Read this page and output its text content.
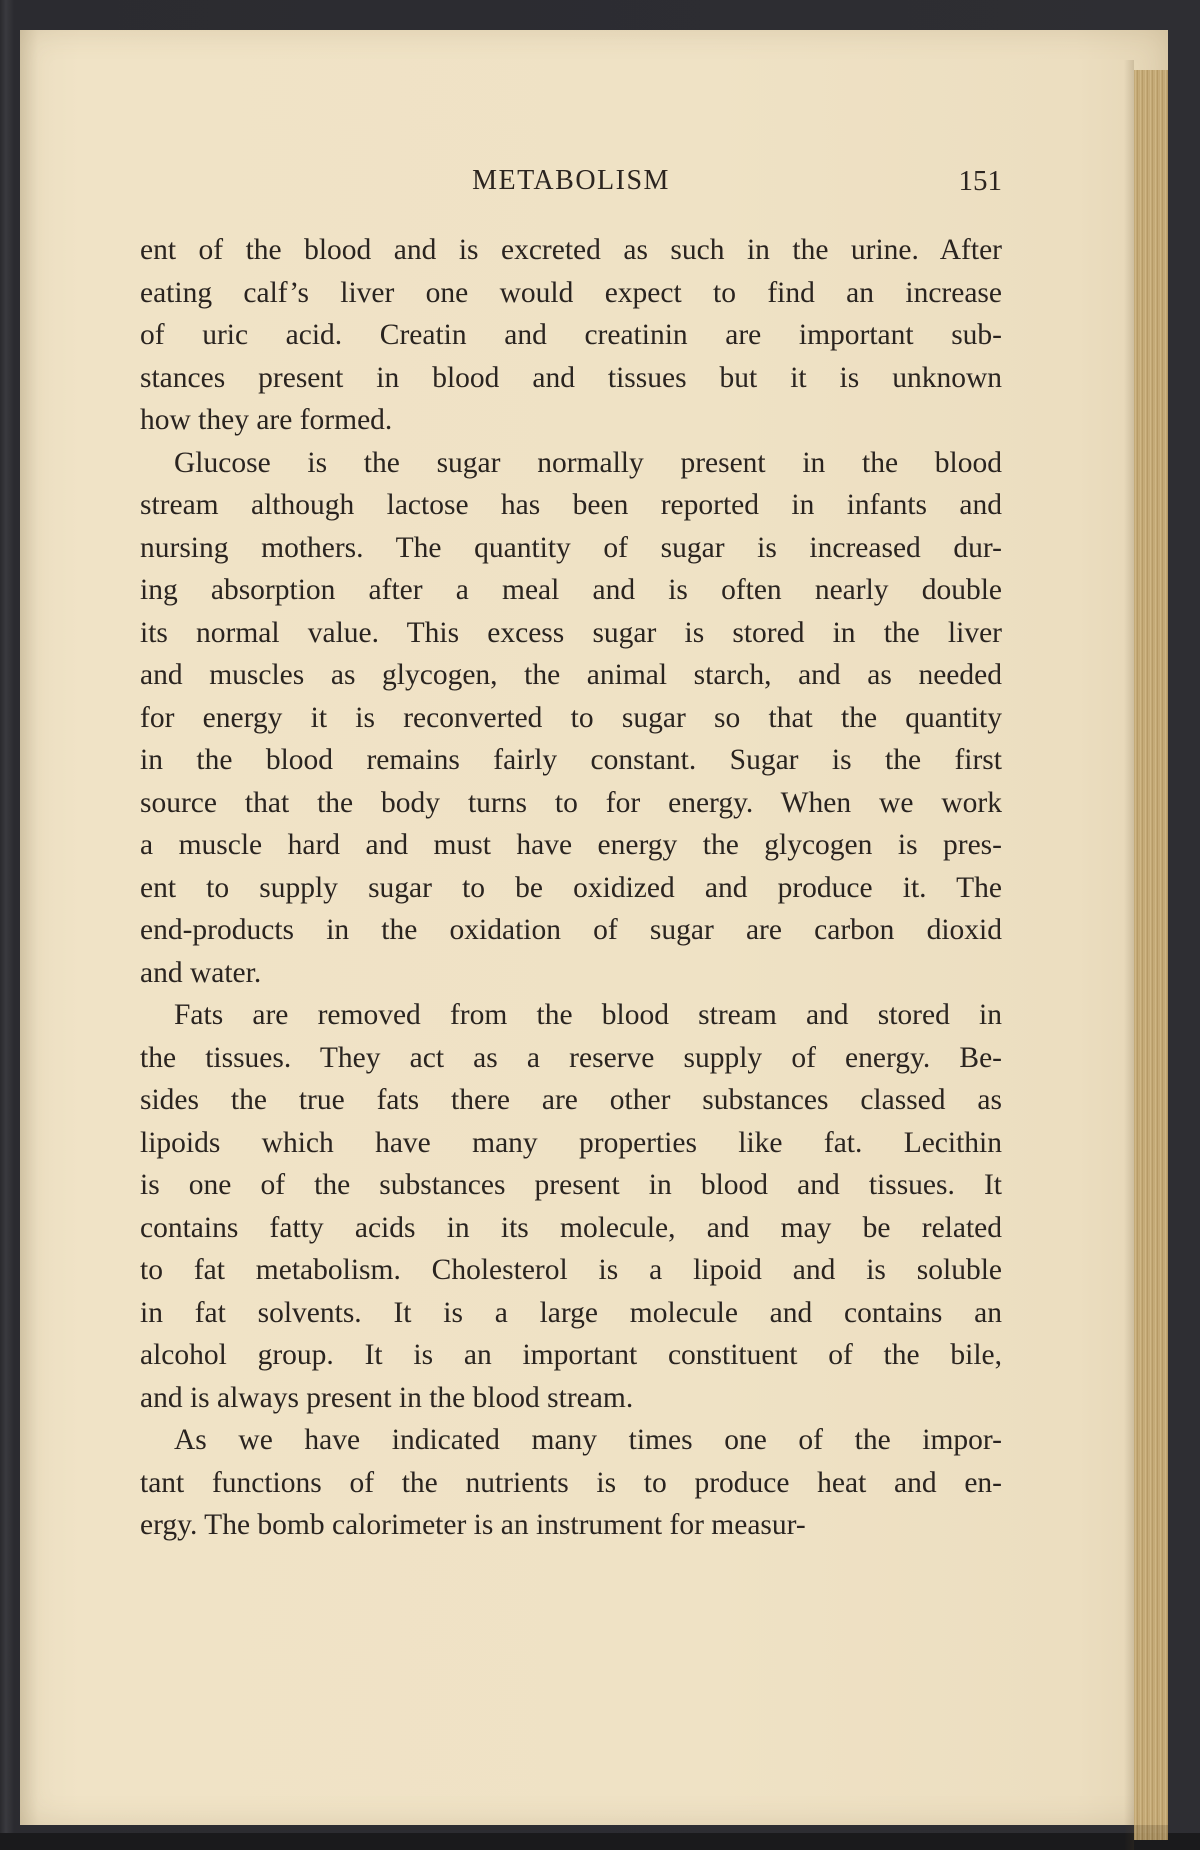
METABOLISM	151

ent of the blood and is excreted as such in the urine. After
eating calf’s liver one would expect to find an increase
of uric acid. Creatin and creatinin are important sub-
stances present in blood and tissues but it is unknown
how they are formed.

Glucose is the sugar normally present in the blood
stream although lactose has been reported in infants and
nursing mothers. The quantity of sugar is increased dur-
ing absorption after a meal and is often nearly double
its normal value. This excess sugar is stored in the liver
and muscles as glycogen, the animal starch, and as needed
for energy it is reconverted to sugar so that the quantity
in the blood remains fairly constant. Sugar is the first
source that the body turns to for energy. When we work
a muscle hard and must have energy the glycogen is pres-
ent to supply sugar to be oxidized and produce it. The
end-products in the oxidation of sugar are carbon dioxid
and water.

Fats are removed from the blood stream and stored in
the tissues. They act as a reserve supply of energy. Be-
sides the true fats there are other substances classed as
lipoids which have many properties like fat. Lecithin
is one of the substances present in blood and tissues. It
contains fatty acids in its molecule, and may be related
to fat metabolism. Cholesterol is a lipoid and is soluble
in fat solvents. It is a large molecule and contains an
alcohol group. It is an important constituent of the bile,
and is always present in the blood stream.

As we have indicated many times one of the impor-
tant functions of the nutrients is to produce heat and en-
ergy. The bomb calorimeter is an instrument for measur-
